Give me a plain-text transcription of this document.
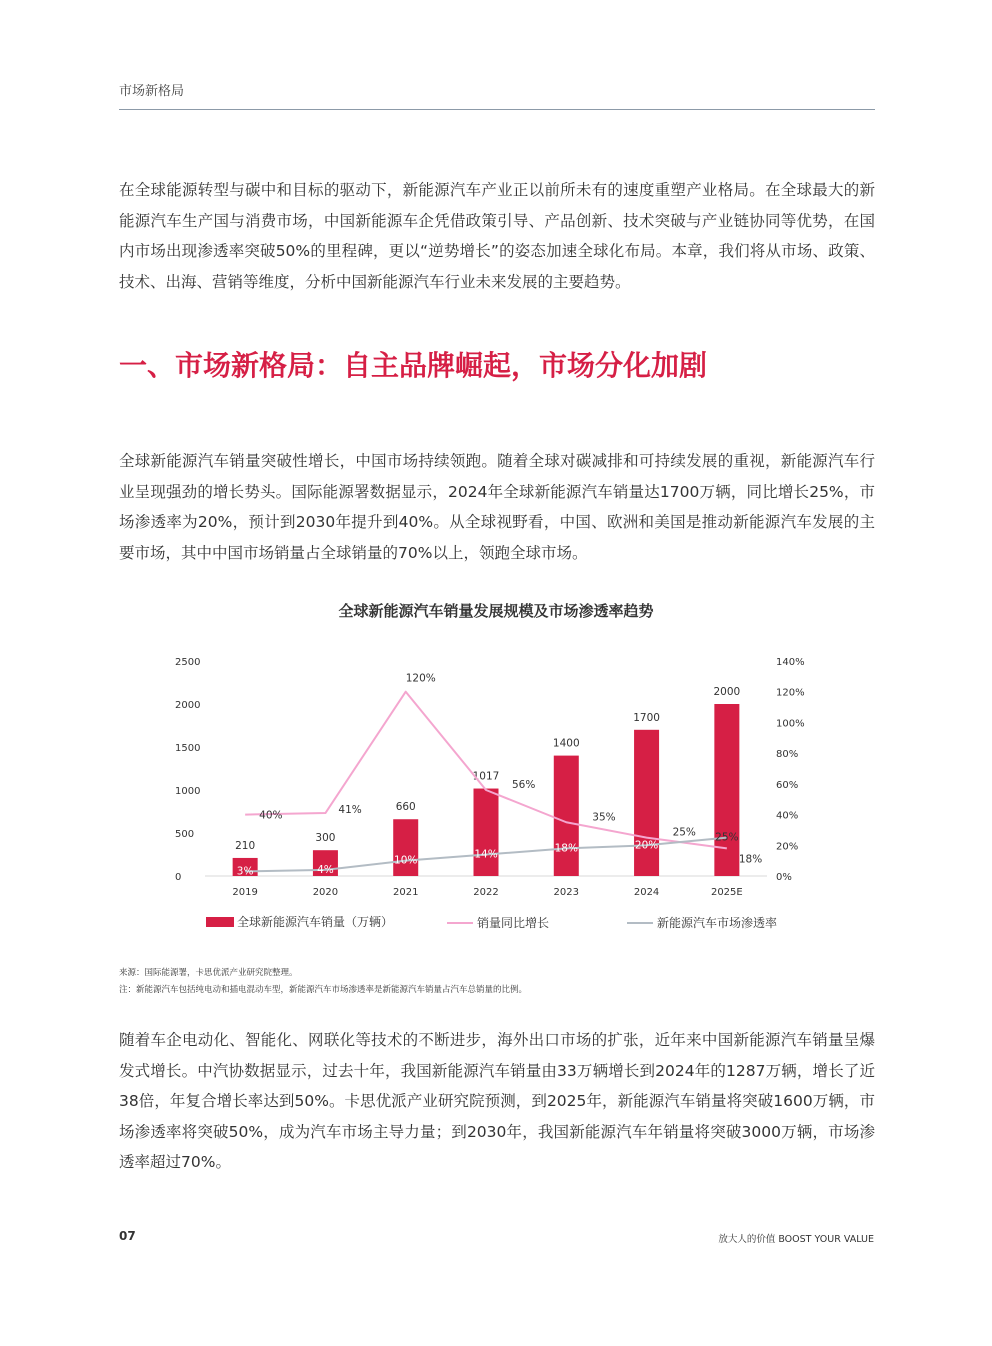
市场新格局

在全球能源转型与碳中和目标的驱动下，新能源汽车产业正以前所未有的速度重塑产业格局。在全球最大的新能源汽车生产国与消费市场，中国新能源车企凭借政策引导、产品创新、技术突破与产业链协同等优势，在国内市场出现渗透率突破50%的里程碑，更以“逆势增长”的姿态加速全球化布局。本章，我们将从市场、政策、技术、出海、营销等维度，分析中国新能源汽车行业未来发展的主要趋势。

一、市场新格局：自主品牌崛起，市场分化加剧

全球新能源汽车销量突破性增长，中国市场持续领跑。随着全球对碳减排和可持续发展的重视，新能源汽车行业呈现强劲的增长势头。国际能源署数据显示，2024年全球新能源汽车销量达1700万辆，同比增长25%，市场渗透率为20%，预计到2030年提升到40%。从全球视野看，中国、欧洲和美国是推动新能源汽车发展的主要市场，其中中国市场销量占全球销量的70%以上，领跑全球市场。

全球新能源汽车销量发展规模及市场渗透率趋势
0
500
1000
1500
2000
2500
0%
20%
40%
60%
80%
100%
120%
140%
2019	2020	2021	2022	2023	2024	2025E
210
300
660
1017
1400
1700
2000
40%	41%
120%
56%
35%
25%
18%
3%	4%
10%
14%
18%	20%
25%
全球新能源汽车销量（万辆）	销量同比增长	新能源汽车市场渗透率
来源：国际能源署，卡思优派产业研究院整理。
注：新能源汽车包括纯电动和插电混动车型，新能源汽车市场渗透率是新能源汽车销量占汽车总销量的比例。

随着车企电动化、智能化、网联化等技术的不断进步，海外出口市场的扩张，近年来中国新能源汽车销量呈爆发式增长。中汽协数据显示，过去十年，我国新能源汽车销量由33万辆增长到2024年的1287万辆，增长了近38倍，年复合增长率达到50%。卡思优派产业研究院预测，到2025年，新能源汽车销量将突破1600万辆，市场渗透率将突破50%，成为汽车市场主导力量；到2030年，我国新能源汽车年销量将突破3000万辆，市场渗透率超过70%。

07	放大人的价值 BOOST YOUR VALUE
